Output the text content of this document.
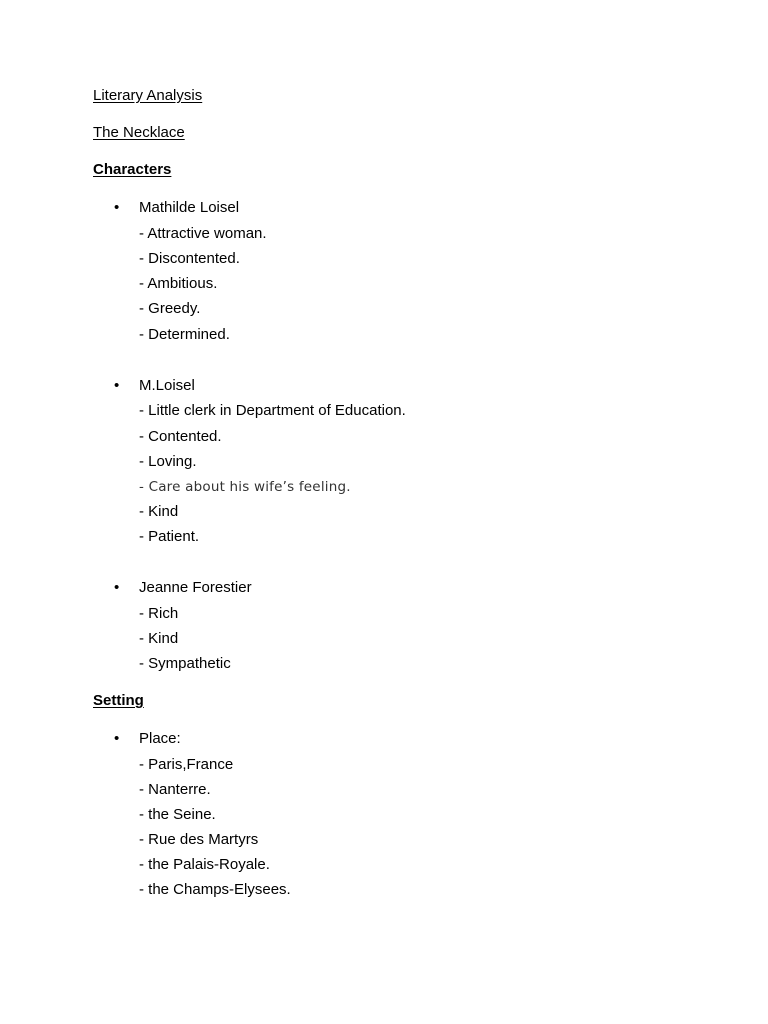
Literary Analysis
The Necklace
Characters
• Mathilde Loisel
- Attractive woman.
- Discontented.
- Ambitious.
- Greedy.
- Determined.
• M.Loisel
- Little clerk in Department of Education.
- Contented.
- Loving.
- Care about his wife’s feeling.
- Kind
- Patient.
• Jeanne Forestier
- Rich
- Kind
- Sympathetic
Setting
• Place:
- Paris,France
- Nanterre.
- the Seine.
- Rue des Martyrs
- the Palais-Royale.
- the Champs-Elysees.
